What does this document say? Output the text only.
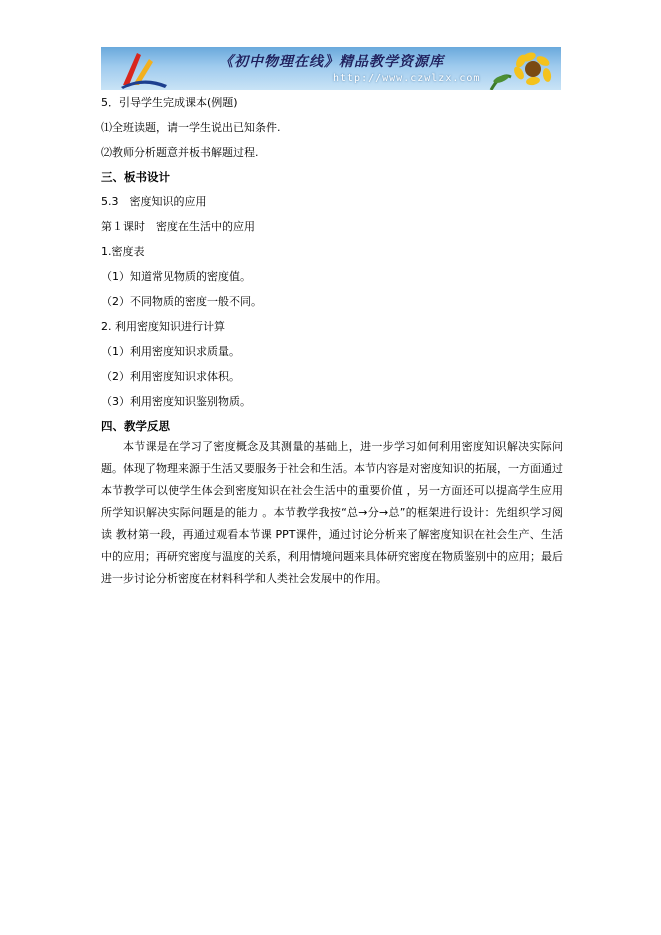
《初中物理在线》精品教学资源库
http://www.czwlzx.com

5．引导学生完成课本(例题)

⑴全班读题，请一学生说出已知条件.

⑵教师分析题意并板书解题过程.

三、板书设计

5.3　密度知识的应用

第１课时　密度在生活中的应用

1.密度表

（1）知道常见物质的密度值。

（2）不同物质的密度一般不同。

2. 利用密度知识进行计算

（1）利用密度知识求质量。

（2）利用密度知识求体积。

（3）利用密度知识鉴别物质。

四、教学反思

本节课是在学习了密度概念及其测量的基础上，进一步学习如何利用密度知识解决实际问题。体现了物理来源于生活又要服务于社会和生活。本节内容是对密度知识的拓展，一方面通过本节教学可以使学生体会到密度知识在社会生活中的重要价值 ，另一方面还可以提高学生应用所学知识解决实际问题是的能力 。本节教学我按“总→分→总”的框架进行设计：先组织学习阅读 教材第一段，再通过观看本节课 PPT课件，通过讨论分析来了解密度知识在社会生产、生活中的应用；再研究密度与温度的关系，利用情境问题来具体研究密度在物质鉴别中的应用；最后进一步讨论分析密度在材料科学和人类社会发展中的作用。
